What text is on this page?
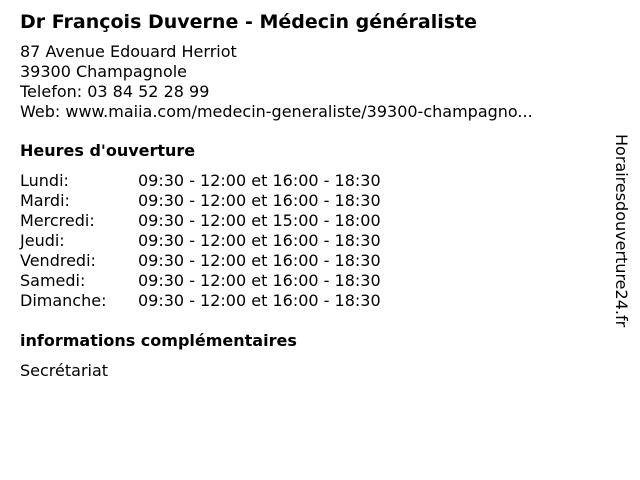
Dr François Duverne - Médecin généraliste
87 Avenue Edouard Herriot
39300 Champagnole
Telefon: 03 84 52 28 99
Web: www.maiia.com/medecin-generaliste/39300-champagno...
Heures d'ouverture
Lundi:	09:30 - 12:00 et 16:00 - 18:30
Mardi:	09:30 - 12:00 et 16:00 - 18:30
Mercredi:	09:30 - 12:00 et 15:00 - 18:00
Jeudi:	09:30 - 12:00 et 16:00 - 18:30
Vendredi:	09:30 - 12:00 et 16:00 - 18:30
Samedi:	09:30 - 12:00 et 16:00 - 18:30
Dimanche:	09:30 - 12:00 et 16:00 - 18:30
informations complémentaires
Secrétariat
Horairesdouverture24.fr
